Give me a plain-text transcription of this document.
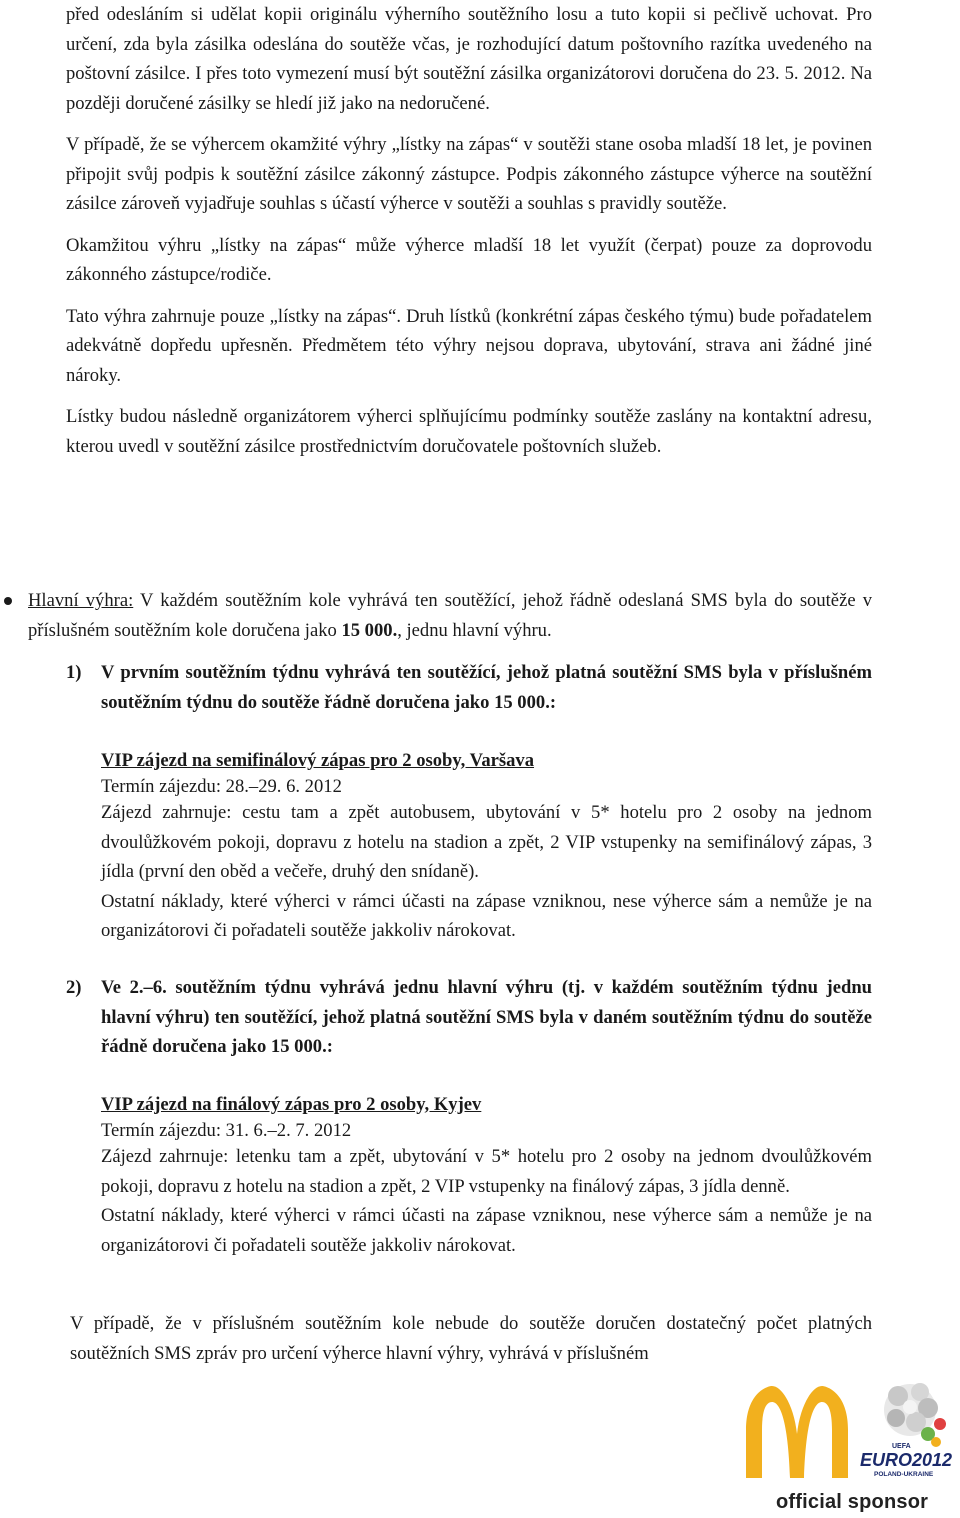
před odesláním si udělat kopii originálu výherního soutěžního losu a tuto kopii si pečlivě uchovat. Pro určení, zda byla zásilka odeslána do soutěže včas, je rozhodující datum poštovního razítka uvedeného na poštovní zásilce. I přes toto vymezení musí být soutěžní zásilka organizátorovi doručena do 23. 5. 2012. Na později doručené zásilky se hledí již jako na nedoručené.

V případě, že se výhercem okamžité výhry „lístky na zápas“ v soutěži stane osoba mladší 18 let, je povinen připojit svůj podpis k soutěžní zásilce zákonný zástupce. Podpis zákonného zástupce výherce na soutěžní zásilce zároveň vyjadřuje souhlas s účastí výherce v soutěži a souhlas s pravidly soutěže.

Okamžitou výhru „lístky na zápas“ může výherce mladší 18 let využít (čerpat) pouze za doprovodu zákonného zástupce/rodiče.

Tato výhra zahrnuje pouze „lístky na zápas“. Druh lístků (konkrétní zápas českého týmu) bude pořadatelem adekvátně dopředu upřesněn. Předmětem této výhry nejsou doprava, ubytování, strava ani žádné jiné nároky.

Lístky budou následně organizátorem výherci splňujícímu podmínky soutěže zaslány na kontaktní adresu, kterou uvedl v soutěžní zásilce prostřednictvím doručovatele poštovních služeb.

Hlavní výhra: V každém soutěžním kole vyhrává ten soutěžící, jehož řádně odeslaná SMS byla do soutěže v příslušném soutěžním kole doručena jako 15 000., jednu hlavní výhru.

1) V prvním soutěžním týdnu vyhrává ten soutěžící, jehož platná soutěžní SMS byla v příslušném soutěžním týdnu do soutěže řádně doručena jako 15 000.:

VIP zájezd na semifinálový zápas pro 2 osoby, Varšava

Termín zájezdu: 28.–29. 6. 2012

Zájezd zahrnuje: cestu tam a zpět autobusem, ubytování v 5* hotelu pro 2 osoby na jednom dvoulůžkovém pokoji, dopravu z hotelu na stadion a zpět, 2 VIP vstupenky na semifinálový zápas, 3 jídla (první den oběd a večeře, druhý den snídaně).

Ostatní náklady, které výherci v rámci účasti na zápase vzniknou, nese výherce sám a nemůže je na organizátorovi či pořadateli soutěže jakkoliv nárokovat.

2) Ve 2.–6. soutěžním týdnu vyhrává jednu hlavní výhru (tj. v každém soutěžním týdnu jednu hlavní výhru) ten soutěžící, jehož platná soutěžní SMS byla v daném soutěžním týdnu do soutěže řádně doručena jako 15 000.:

VIP zájezd na finálový zápas pro 2 osoby, Kyjev

Termín zájezdu: 31. 6.–2. 7. 2012

Zájezd zahrnuje: letenku tam a zpět, ubytování v 5* hotelu pro 2 osoby na jednom dvoulůžkovém pokoji, dopravu z hotelu na stadion a zpět, 2 VIP vstupenky na finálový zápas, 3 jídla denně.

Ostatní náklady, které výherci v rámci účasti na zápase vzniknou, nese výherce sám a nemůže je na organizátorovi či pořadateli soutěže jakkoliv nárokovat.

V případě, že v příslušném soutěžním kole nebude do soutěže doručen dostatečný počet platných soutěžních SMS zpráv pro určení výherce hlavní výhry, vyhrává v příslušném

UEFA
EURO2012
POLAND-UKRAINE
official sponsor
